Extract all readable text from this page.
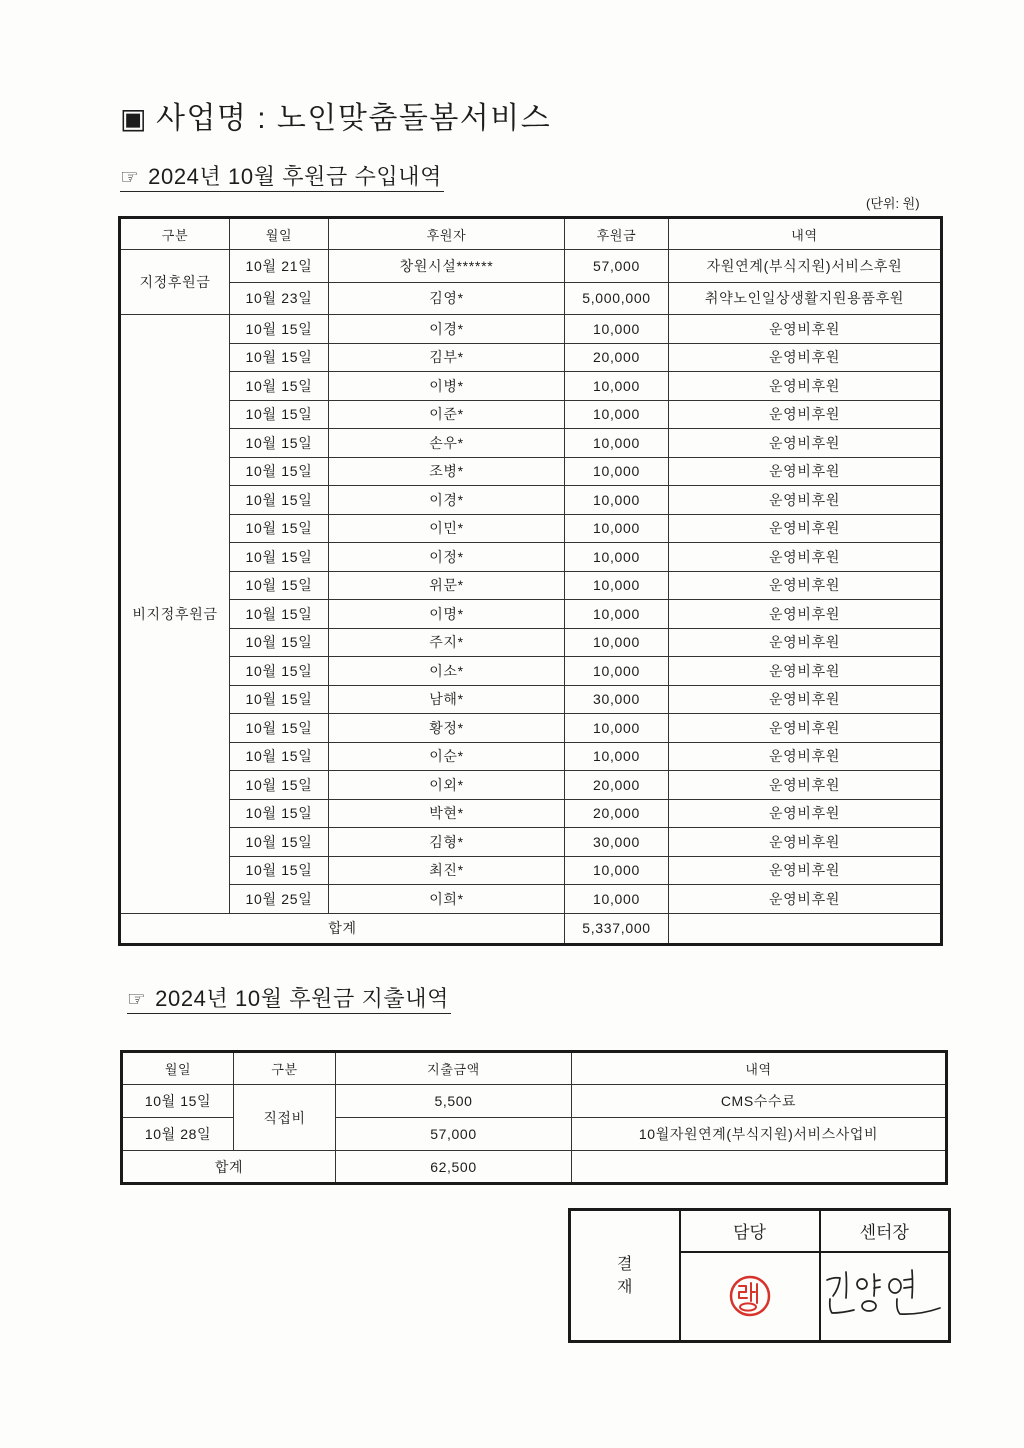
▣ 사업명 : 노인맞춤돌봄서비스
☞ 2024년 10월 후원금 수입내역
(단위: 원)
구분	월일	후원자	후원금	내역
지정후원금	10월 21일	창원시설******	57,000	자원연계(부식지원)서비스후원
	10월 23일	김영*	5,000,000	취약노인일상생활지원용품후원
비지정후원금	10월 15일	이경*	10,000	운영비후원
	10월 15일	김부*	20,000	운영비후원
	10월 15일	이병*	10,000	운영비후원
	10월 15일	이준*	10,000	운영비후원
	10월 15일	손우*	10,000	운영비후원
	10월 15일	조병*	10,000	운영비후원
	10월 15일	이경*	10,000	운영비후원
	10월 15일	이민*	10,000	운영비후원
	10월 15일	이정*	10,000	운영비후원
	10월 15일	위문*	10,000	운영비후원
	10월 15일	이명*	10,000	운영비후원
	10월 15일	주지*	10,000	운영비후원
	10월 15일	이소*	10,000	운영비후원
	10월 15일	남해*	30,000	운영비후원
	10월 15일	황정*	10,000	운영비후원
	10월 15일	이순*	10,000	운영비후원
	10월 15일	이외*	20,000	운영비후원
	10월 15일	박현*	20,000	운영비후원
	10월 15일	김형*	30,000	운영비후원
	10월 15일	최진*	10,000	운영비후원
	10월 25일	이희*	10,000	운영비후원
합계			5,337,000	
☞ 2024년 10월 후원금 지출내역
월일	구분	지출금액	내역
10월 15일	직접비	5,500	CMS수수료
10월 28일		57,000	10월자원연계(부식지원)서비스사업비
합계		62,500	
결재	담당	센터장
